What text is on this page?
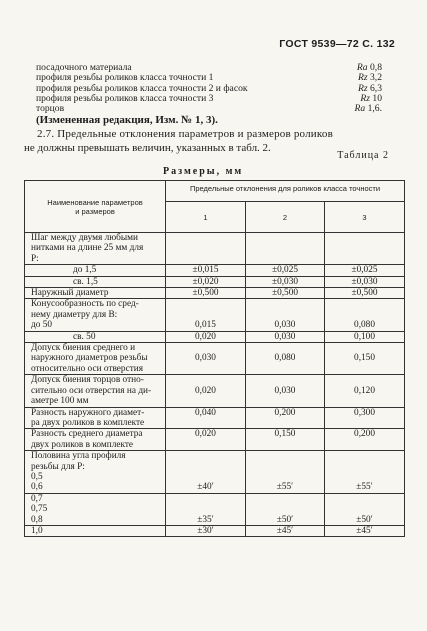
ГОСТ 9539—72 С. 132
посадочного материала	Ra 0,8
профиля резьбы роликов класса точности 1	Rz 3,2
профиля резьбы роликов класса точности 2 и фасок	Rz 6,3
профиля резьбы роликов класса точности 3	Rz 10
торцов	Ra 1,6.
(Измененная редакция, Изм. № 1, 3).
2.7. Предельные отклонения параметров и размеров роликов
не должны превышать величин, указанных в табл. 2.
Таблица 2
Размеры, мм
Наименование параметров
и размеров	Предельные отклонения для роликов класса точности		
	1	2	3

Шаг между двумя любыми
нитками на длине 25 мм для
P:			

до 1,5	±0,015	±0,025	±0,025

св. 1,5	±0,020	±0,030	±0,030

Наружный диаметр	±0,500	±0,500	±0,500

Конусообразность по сред-
нему диаметру для B:
до 50	0,015	0,030	0,080

св. 50	0,020	0,030	0,100

Допуск биения среднего и
наружного диаметров резьбы
относительно оси отверстия	0,030	0,080	0,150

Допуск биения торцов отно-
сительно оси отверстия на ди-
аметре 100 мм	0,020	0,030	0,120

Разность наружного диамет-
ра двух роликов в комплекте	0,040	0,200	0,300

Разность среднего диаметра
двух роликов в комплекте	0,020	0,150	0,200

Половина угла профиля
резьбы для P:
0,5
0,6	±40′	±55′	±55′

0,7
0,75
0,8	±35′	±50′	±50′

1,0	±30′	±45′	±45′
